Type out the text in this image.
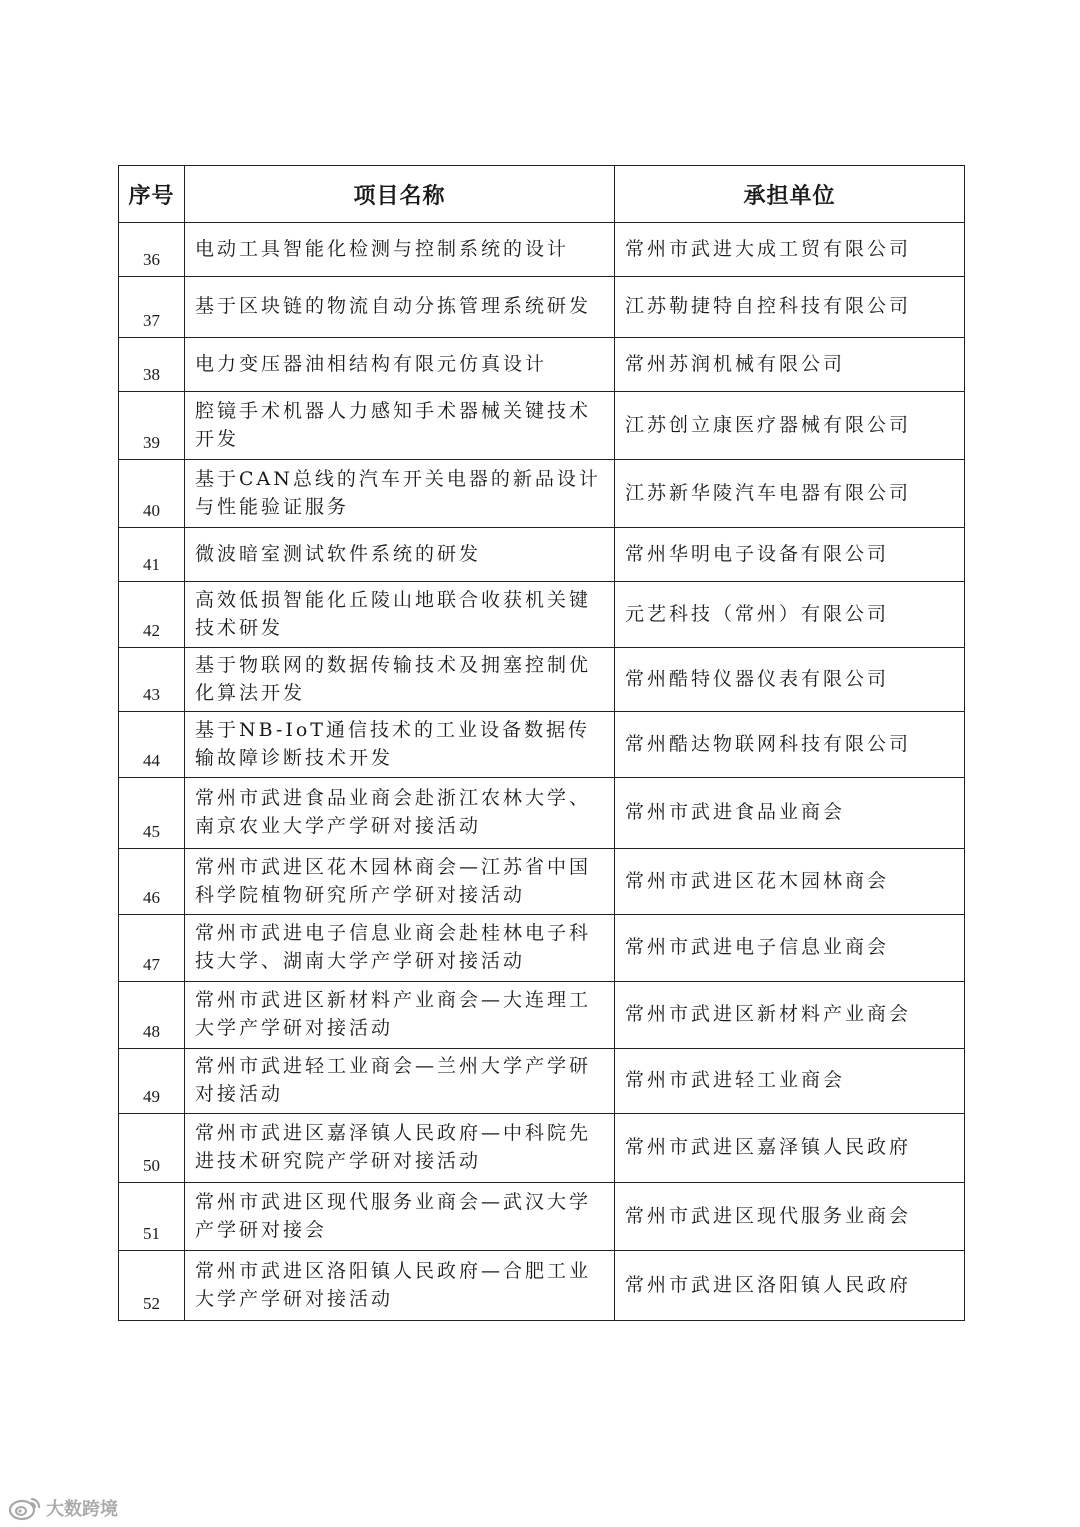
序号	项目名称	承担单位
36	电动工具智能化检测与控制系统的设计	常州市武进大成工贸有限公司
37	基于区块链的物流自动分拣管理系统研发	江苏勒捷特自控科技有限公司
38	电力变压器油相结构有限元仿真设计	常州苏润机械有限公司
39	腔镜手术机器人力感知手术器械关键技术开发	江苏创立康医疗器械有限公司
40	基于CAN总线的汽车开关电器的新品设计与性能验证服务	江苏新华陵汽车电器有限公司
41	微波暗室测试软件系统的研发	常州华明电子设备有限公司
42	高效低损智能化丘陵山地联合收获机关键技术研发	元艺科技（常州）有限公司
43	基于物联网的数据传输技术及拥塞控制优化算法开发	常州酷特仪器仪表有限公司
44	基于NB-IoT通信技术的工业设备数据传输故障诊断技术开发	常州酷达物联网科技有限公司
45	常州市武进食品业商会赴浙江农林大学、南京农业大学产学研对接活动	常州市武进食品业商会
46	常州市武进区花木园林商会—江苏省中国科学院植物研究所产学研对接活动	常州市武进区花木园林商会
47	常州市武进电子信息业商会赴桂林电子科技大学、湖南大学产学研对接活动	常州市武进电子信息业商会
48	常州市武进区新材料产业商会—大连理工大学产学研对接活动	常州市武进区新材料产业商会
49	常州市武进轻工业商会—兰州大学产学研对接活动	常州市武进轻工业商会
50	常州市武进区嘉泽镇人民政府—中科院先进技术研究院产学研对接活动	常州市武进区嘉泽镇人民政府
51	常州市武进区现代服务业商会—武汉大学产学研对接会	常州市武进区现代服务业商会
52	常州市武进区洛阳镇人民政府—合肥工业大学产学研对接活动	常州市武进区洛阳镇人民政府
大数跨境
